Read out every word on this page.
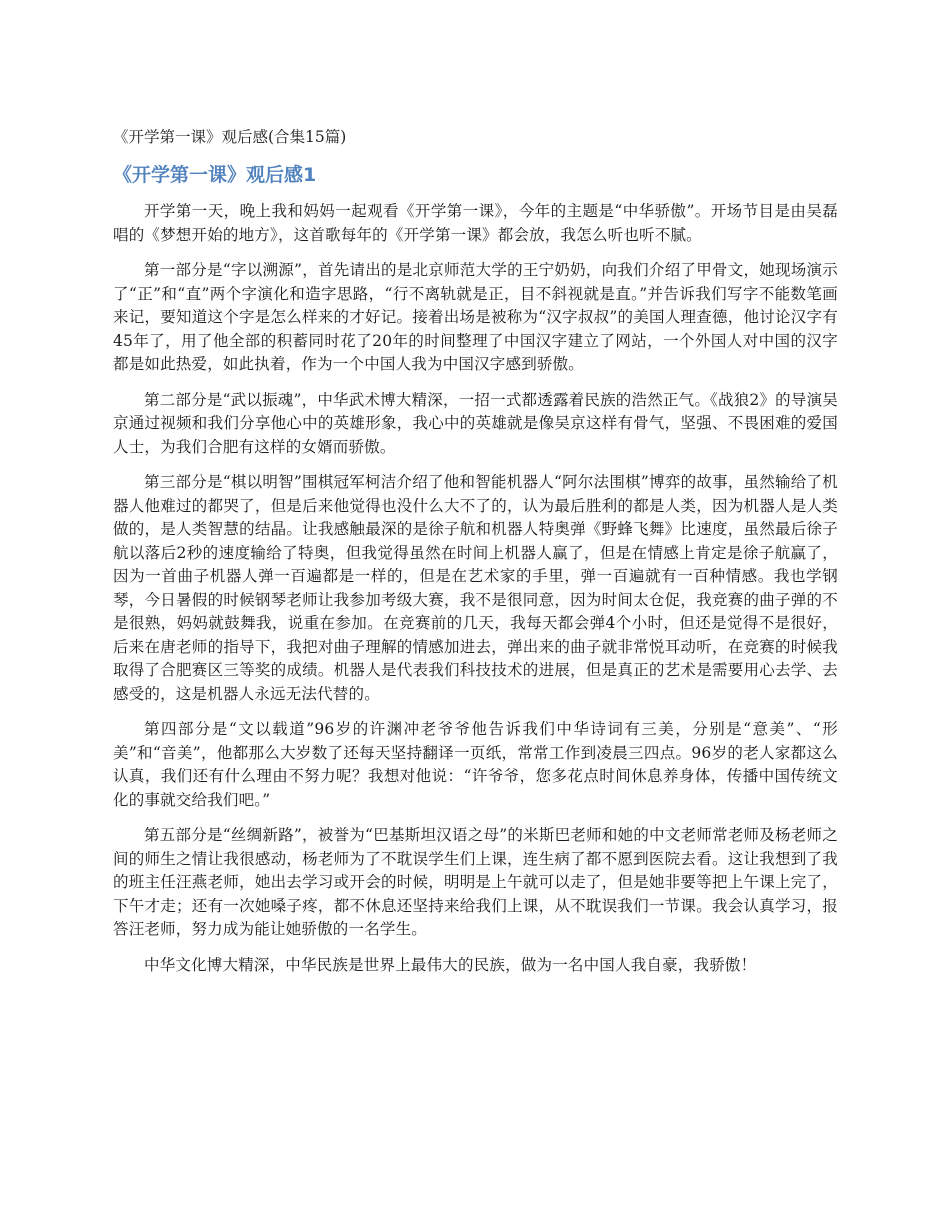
《开学第一课》观后感(合集15篇)
《开学第一课》观后感1

开学第一天，晚上我和妈妈一起观看《开学第一课》，今年的主题是“中华骄傲”。开场节目是由吴磊唱的《梦想开始的地方》，这首歌每年的《开学第一课》都会放，我怎么听也听不腻。

第一部分是“字以溯源”，首先请出的是北京师范大学的王宁奶奶，向我们介绍了甲骨文，她现场演示了“正”和“直”两个字演化和造字思路，“行不离轨就是正，目不斜视就是直。”并告诉我们写字不能数笔画来记，要知道这个字是怎么样来的才好记。接着出场是被称为“汉字叔叔”的美国人理查德，他讨论汉字有45年了，用了他全部的积蓄同时花了20年的时间整理了中国汉字建立了网站，一个外国人对中国的汉字都是如此热爱，如此执着，作为一个中国人我为中国汉字感到骄傲。

第二部分是“武以振魂”，中华武术博大精深，一招一式都透露着民族的浩然正气。《战狼2》的导演吴京通过视频和我们分享他心中的英雄形象，我心中的英雄就是像吴京这样有骨气，坚强、不畏困难的爱国人士，为我们合肥有这样的女婿而骄傲。

第三部分是“棋以明智”围棋冠军柯洁介绍了他和智能机器人“阿尔法围棋”博弈的故事，虽然输给了机器人他难过的都哭了，但是后来他觉得也没什么大不了的，认为最后胜利的都是人类，因为机器人是人类做的，是人类智慧的结晶。让我感触最深的是徐子航和机器人特奥弹《野蜂飞舞》比速度，虽然最后徐子航以落后2秒的速度输给了特奥，但我觉得虽然在时间上机器人赢了，但是在情感上肯定是徐子航赢了，因为一首曲子机器人弹一百遍都是一样的，但是在艺术家的手里，弹一百遍就有一百种情感。我也学钢琴，今日暑假的时候钢琴老师让我参加考级大赛，我不是很同意，因为时间太仓促，我竞赛的曲子弹的不是很熟，妈妈就鼓舞我，说重在参加。在竞赛前的几天，我每天都会弹4个小时，但还是觉得不是很好，后来在唐老师的指导下，我把对曲子理解的情感加进去，弹出来的曲子就非常悦耳动听，在竞赛的时候我取得了合肥赛区三等奖的成绩。机器人是代表我们科技技术的进展，但是真正的艺术是需要用心去学、去感受的，这是机器人永远无法代替的。

第四部分是“文以载道”96岁的许渊冲老爷爷他告诉我们中华诗词有三美，分别是“意美”、“形美”和“音美”，他都那么大岁数了还每天坚持翻译一页纸，常常工作到凌晨三四点。96岁的老人家都这么认真，我们还有什么理由不努力呢？我想对他说：“许爷爷，您多花点时间休息养身体，传播中国传统文化的事就交给我们吧。”

第五部分是“丝绸新路”，被誉为“巴基斯坦汉语之母”的米斯巴老师和她的中文老师常老师及杨老师之间的师生之情让我很感动，杨老师为了不耽误学生们上课，连生病了都不愿到医院去看。这让我想到了我的班主任汪燕老师，她出去学习或开会的时候，明明是上午就可以走了，但是她非要等把上午课上完了，下午才走；还有一次她嗓子疼，都不休息还坚持来给我们上课，从不耽误我们一节课。我会认真学习，报答汪老师，努力成为能让她骄傲的一名学生。

中华文化博大精深，中华民族是世界上最伟大的民族，做为一名中国人我自豪，我骄傲！
